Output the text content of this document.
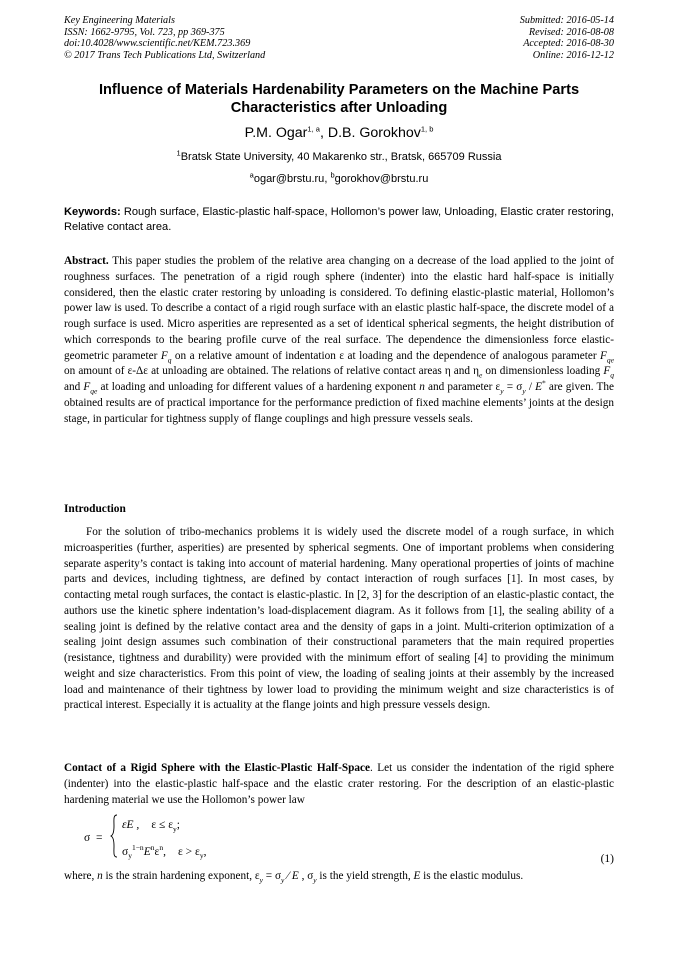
Key Engineering Materials
ISSN: 1662-9795, Vol. 723, pp 369-375
doi:10.4028/www.scientific.net/KEM.723.369
© 2017 Trans Tech Publications Ltd, Switzerland
Submitted: 2016-05-14
Revised: 2016-08-08
Accepted: 2016-08-30
Online: 2016-12-12
Influence of Materials Hardenability Parameters on the Machine Parts
Characteristics after Unloading
P.M. Ogar$^{1, a}$, D.B. Gorokhov$^{1, b}$
$^1$Bratsk State University, 40 Makarenko str., Bratsk, 665709 Russia
$^a$ogar@brstu.ru, $^b$gorokhov@brstu.ru
Keywords: Rough surface, Elastic-plastic half-space, Hollomon’s power law, Unloading, Elastic crater restoring, Relative contact area.
Abstract. This paper studies the problem of the relative area changing on a decrease of the load applied to the joint of roughness surfaces. The penetration of a rigid rough sphere (indenter) into the elastic hard half-space is initially considered, then the elastic crater restoring by unloading is considered. To defining elastic-plastic material, Hollomon’s power law is used. To describe a contact of a rigid rough surface with an elastic plastic half-space, the discrete model of a rough surface is used. Micro asperities are represented as a set of identical spherical segments, the height distribution of which corresponds to the bearing profile curve of the real surface. The dependence the dimensionless force elastic-geometric parameter $F_q$ on a relative amount of indentation ε at loading and the dependence of analogous parameter $F_{qe}$ on amount of ε-Δε at unloading are obtained. The relations of relative contact areas η and $\eta_e$ on dimensionless loading $F_q$ and $F_{qe}$ at loading and unloading for different values of a hardening exponent n and parameter $\varepsilon_y = \sigma_y / E^*$ are given. The obtained results are of practical importance for the performance prediction of fixed machine elements’ joints at the design stage, in particular for tightness supply of flange couplings and high pressure vessels seals.
Introduction
For the solution of tribo-mechanics problems it is widely used the discrete model of a rough surface, in which microasperities (further, asperities) are presented by spherical segments. One of important problems when considering separate asperity’s contact is taking into account of material hardening. Many operational properties of joints of machine parts and devices, including tightness, are defined by contact interaction of rough surfaces [1]. In most cases, by contacting metal rough surfaces, the contact is elastic-plastic. In [2, 3] for the description of an elastic-plastic contact, the authors use the kinetic sphere indentation’s load-displacement diagram. As it follows from [1], the sealing ability of a sealing joint is defined by the relative contact area and the density of gaps in a joint. Multi-criterion optimization of a sealing joint design assumes such combination of their constructional parameters that the main required properties (resistance, tightness and durability) were provided with the minimum effort of sealing [4] to providing the minimum weight and size characteristics. From this point of view, the loading of sealing joints at their assembly by the increased load and maintenance of their tightness by lower load to providing the minimum weight and size characteristics is of practical interest. Especially it is actuality at the flange joints and high pressure vessels design.
Contact of a Rigid Sphere with the Elastic-Plastic Half-Space. Let us consider the indentation of the rigid sphere (indenter) into the elastic-plastic half-space and the elastic crater restoring. For the description of an elastic-plastic hardening material we use the Hollomon’s power law
σ =
εE , $\varepsilon \le \varepsilon_y$;
$\sigma_y^{1-n}E^n\varepsilon^n$, $\varepsilon > \varepsilon_y$,
(1)
where, n is the strain hardening exponent, $\varepsilon_y = \sigma_y$ ⁄ E , $\sigma_y$ is the yield strength, E is the elastic modulus.
